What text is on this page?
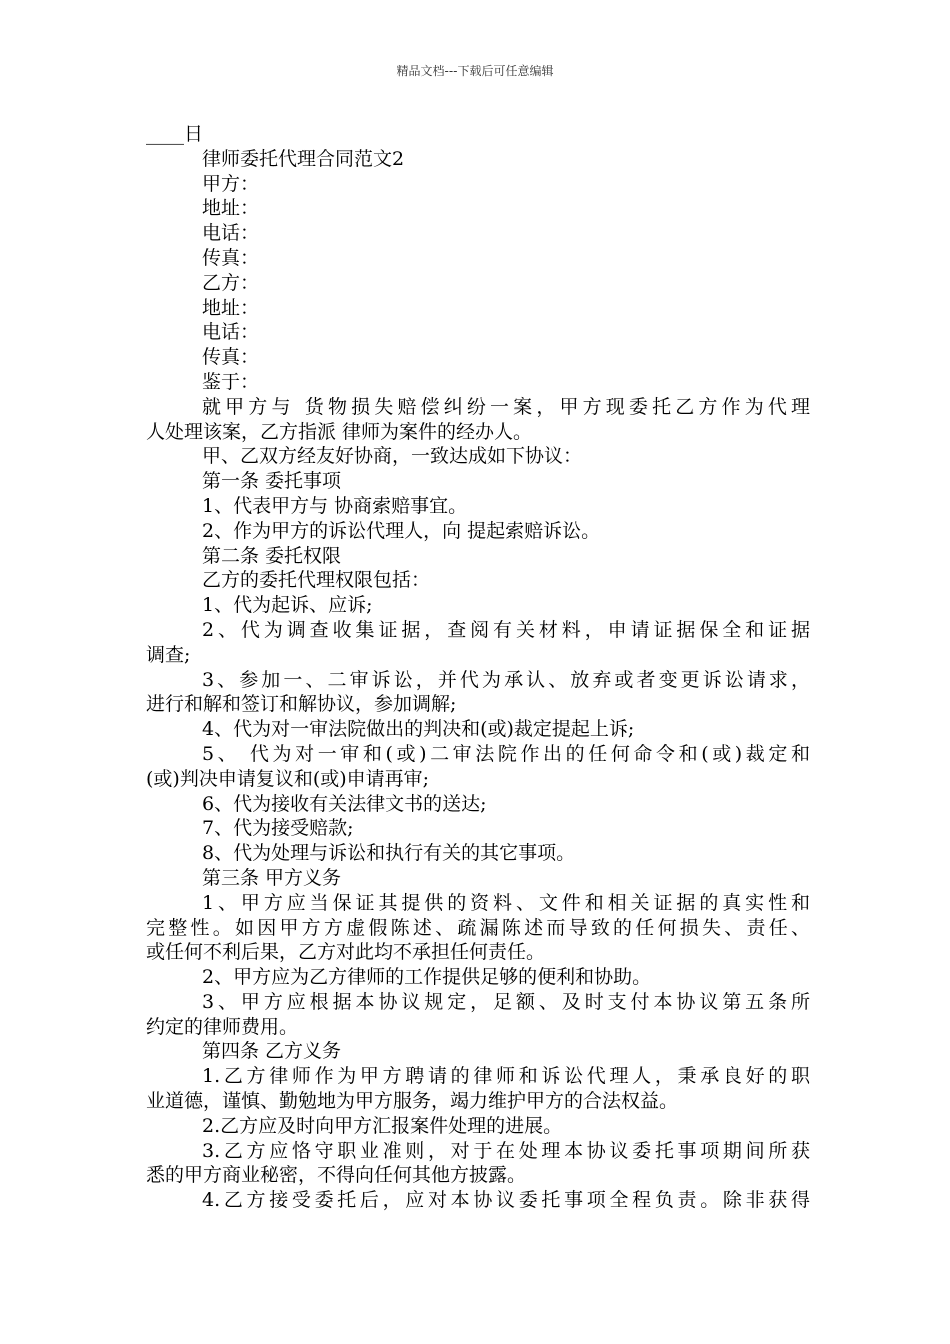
精品文档---下载后可任意编辑

____日

律师委托代理合同范文2

甲方：

地址：

电话：

传真：

乙方：

地址：

电话：

传真：

鉴于：

就甲方与 货物损失赔偿纠纷一案，甲方现委托乙方作为代理

人处理该案，乙方指派 律师为案件的经办人。

甲、乙双方经友好协商，一致达成如下协议：

第一条 委托事项

1、代表甲方与 协商索赔事宜。

2、作为甲方的诉讼代理人，向 提起索赔诉讼。

第二条 委托权限

乙方的委托代理权限包括：

1、代为起诉、应诉;

2、代为调查收集证据，查阅有关材料，申请证据保全和证据

调查;

3、参加一、二审诉讼，并代为承认、放弃或者变更诉讼请求，

进行和解和签订和解协议，参加调解;

4、代为对一审法院做出的判决和(或)裁定提起上诉;

5、 代为对一审和(或)二审法院作出的任何命令和(或)裁定和

(或)判决申请复议和(或)申请再审;

6、代为接收有关法律文书的送达;

7、代为接受赔款;

8、代为处理与诉讼和执行有关的其它事项。

第三条 甲方义务

1、甲方应当保证其提供的资料、文件和相关证据的真实性和

完整性。如因甲方方虚假陈述、疏漏陈述而导致的任何损失、责任、

或任何不利后果，乙方对此均不承担任何责任。

2、甲方应为乙方律师的工作提供足够的便利和协助。

3、甲方应根据本协议规定，足额、及时支付本协议第五条所

约定的律师费用。

第四条 乙方义务

1.乙方律师作为甲方聘请的律师和诉讼代理人，秉承良好的职

业道德，谨慎、勤勉地为甲方服务，竭力维护甲方的合法权益。

2.乙方应及时向甲方汇报案件处理的进展。

3.乙方应恪守职业准则，对于在处理本协议委托事项期间所获

悉的甲方商业秘密，不得向任何其他方披露。

4.乙方接受委托后，应对本协议委托事项全程负责。除非获得
